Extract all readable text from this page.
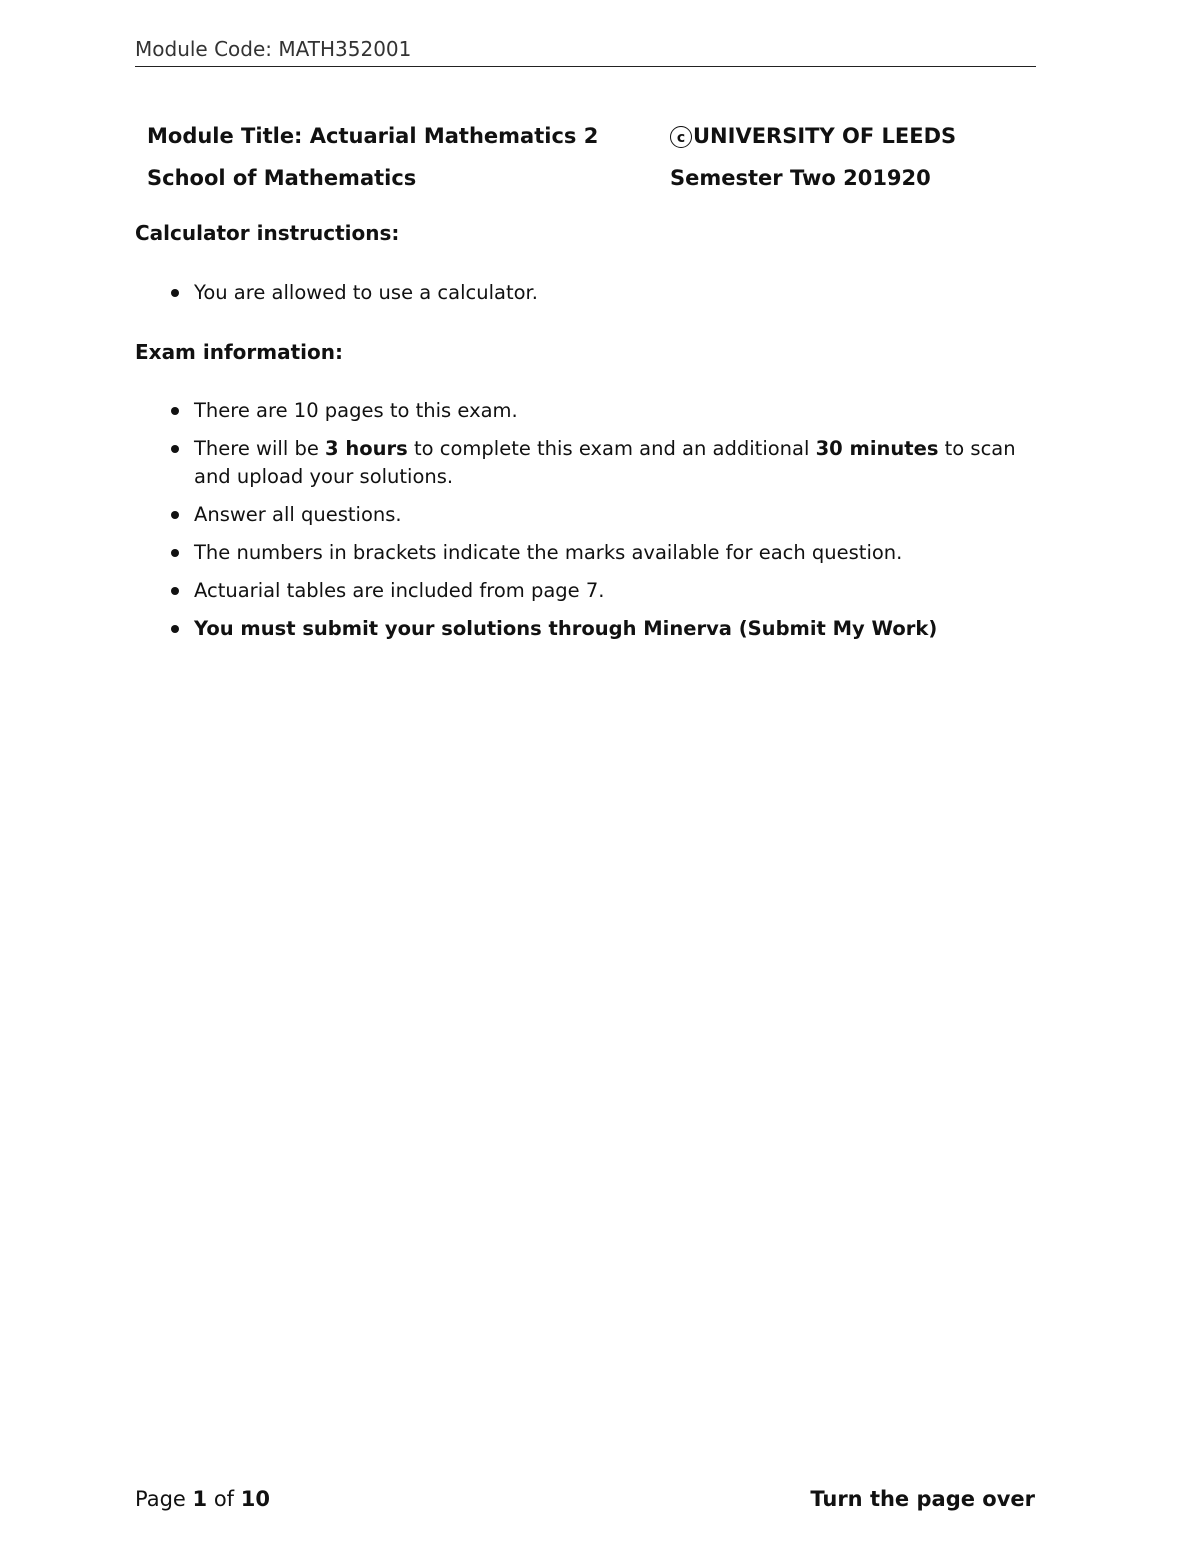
Module Code: MATH352001
Module Title: Actuarial Mathematics 2	c UNIVERSITY OF LEEDS
School of Mathematics	Semester Two 201920
Calculator instructions:
You are allowed to use a calculator.
Exam information:
There are 10 pages to this exam.
There will be 3 hours to complete this exam and an additional 30 minutes to scan and upload your solutions.
Answer all questions.
The numbers in brackets indicate the marks available for each question.
Actuarial tables are included from page 7.
You must submit your solutions through Minerva (Submit My Work)
Page 1 of 10	Turn the page over
